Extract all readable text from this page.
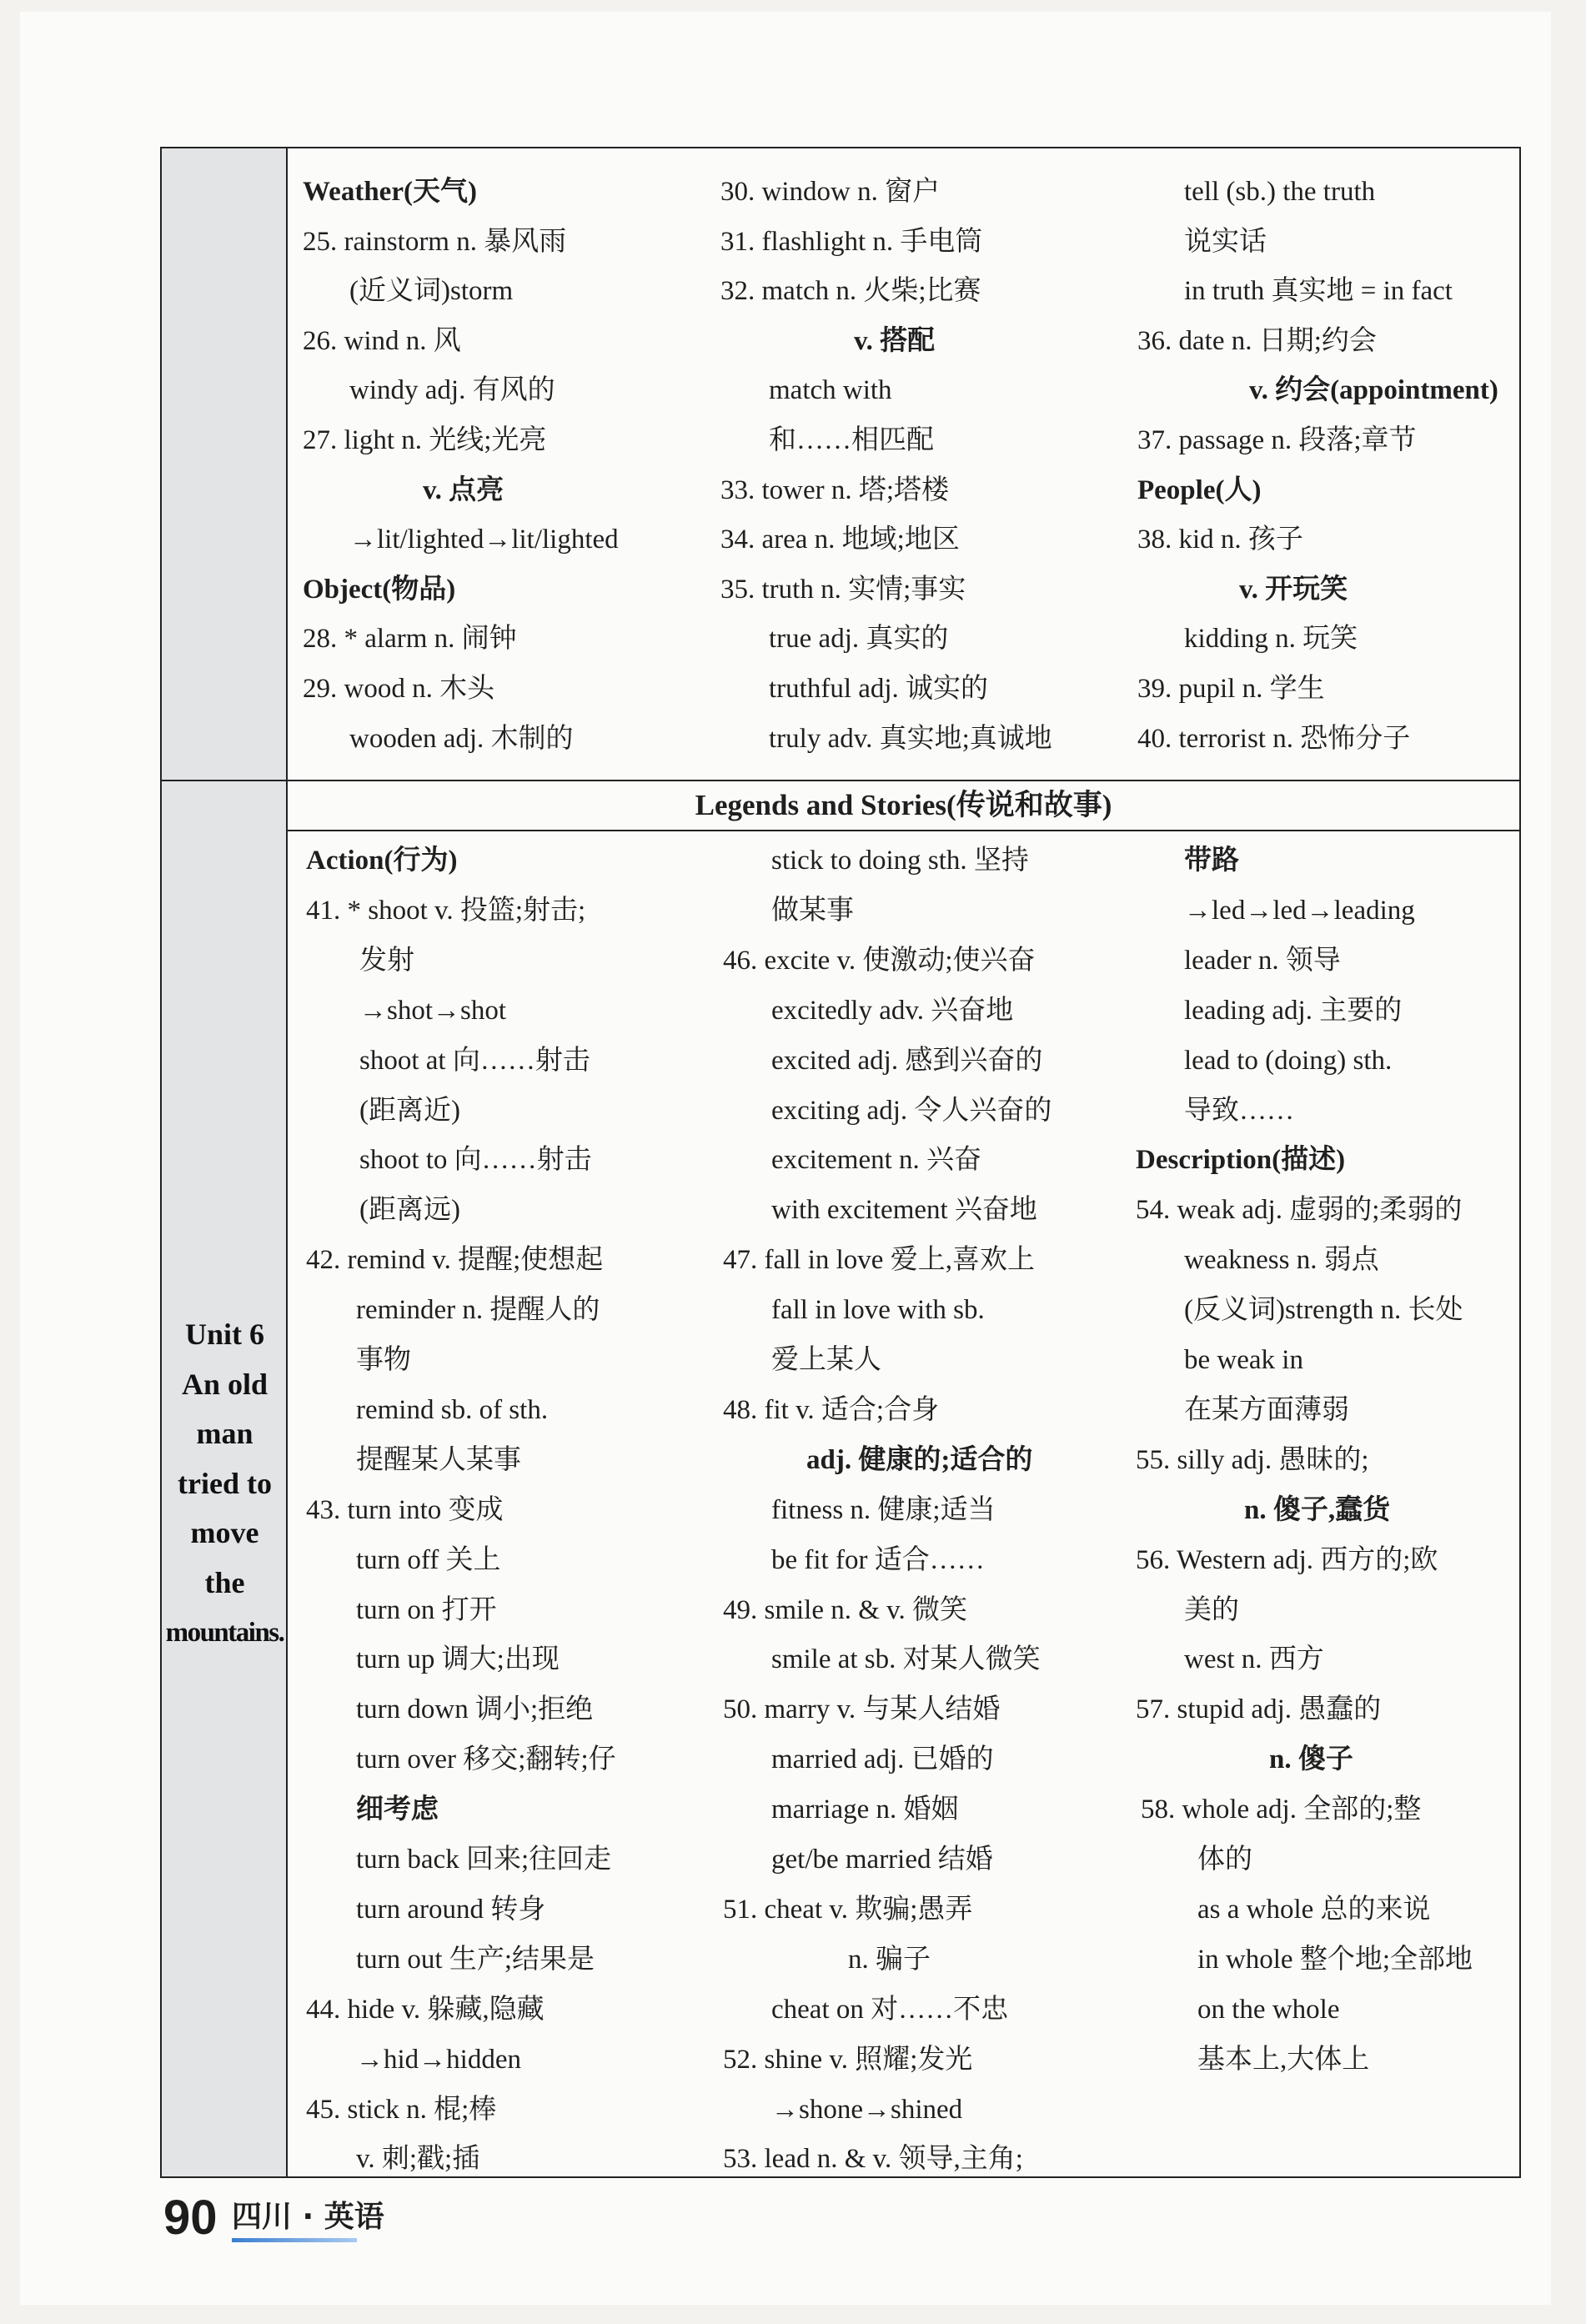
Unit 6
An old
man
tried to
move
the
mountains.
Legends and Stories(传说和故事)
Weather(天气)
25. rainstorm n. 暴风雨
(近义词)storm
26. wind n. 风
windy adj. 有风的
27. light n. 光线;光亮
v. 点亮
→lit/lighted→lit/lighted
Object(物品)
28. * alarm n. 闹钟
29. wood n. 木头
wooden adj. 木制的
30. window n. 窗户
31. flashlight n. 手电筒
32. match n. 火柴;比赛
v. 搭配
match with
和……相匹配
33. tower n. 塔;塔楼
34. area n. 地域;地区
35. truth n. 实情;事实
true adj. 真实的
truthful adj. 诚实的
truly adv. 真实地;真诚地
tell (sb.) the truth
说实话
in truth 真实地 = in fact
36. date n. 日期;约会
v. 约会(appointment)
37. passage n. 段落;章节
People(人)
38. kid n. 孩子
v. 开玩笑
kidding n. 玩笑
39. pupil n. 学生
40. terrorist n. 恐怖分子
Action(行为)
41. * shoot v. 投篮;射击;
发射
→shot→shot
shoot at 向……射击
(距离近)
shoot to 向……射击
(距离远)
42. remind v. 提醒;使想起
reminder n. 提醒人的
事物
remind sb. of sth.
提醒某人某事
43. turn into 变成
turn off 关上
turn on 打开
turn up 调大;出现
turn down 调小;拒绝
turn over 移交;翻转;仔
细考虑
turn back 回来;往回走
turn around 转身
turn out 生产;结果是
44. hide v. 躲藏,隐藏
→hid→hidden
45. stick n. 棍;棒
v. 刺;戳;插
stick to doing sth. 坚持
做某事
46. excite v. 使激动;使兴奋
excitedly adv. 兴奋地
excited adj. 感到兴奋的
exciting adj. 令人兴奋的
excitement n. 兴奋
with excitement 兴奋地
47. fall in love 爱上,喜欢上
fall in love with sb.
爱上某人
48. fit v. 适合;合身
adj. 健康的;适合的
fitness n. 健康;适当
be fit for 适合……
49. smile n. & v. 微笑
smile at sb. 对某人微笑
50. marry v. 与某人结婚
married adj. 已婚的
marriage n. 婚姻
get/be married 结婚
51. cheat v. 欺骗;愚弄
n. 骗子
cheat on 对……不忠
52. shine v. 照耀;发光
→shone→shined
53. lead n. & v. 领导,主角;
带路
→led→led→leading
leader n. 领导
leading adj. 主要的
lead to (doing) sth.
导致……
Description(描述)
54. weak adj. 虚弱的;柔弱的
weakness n. 弱点
(反义词)strength n. 长处
be weak in
在某方面薄弱
55. silly adj. 愚昧的;
n. 傻子,蠢货
56. Western adj. 西方的;欧
美的
west n. 西方
57. stupid adj. 愚蠢的
n. 傻子
58. whole adj. 全部的;整
体的
as a whole 总的来说
in whole 整个地;全部地
on the whole
基本上,大体上
90 四川 · 英语
